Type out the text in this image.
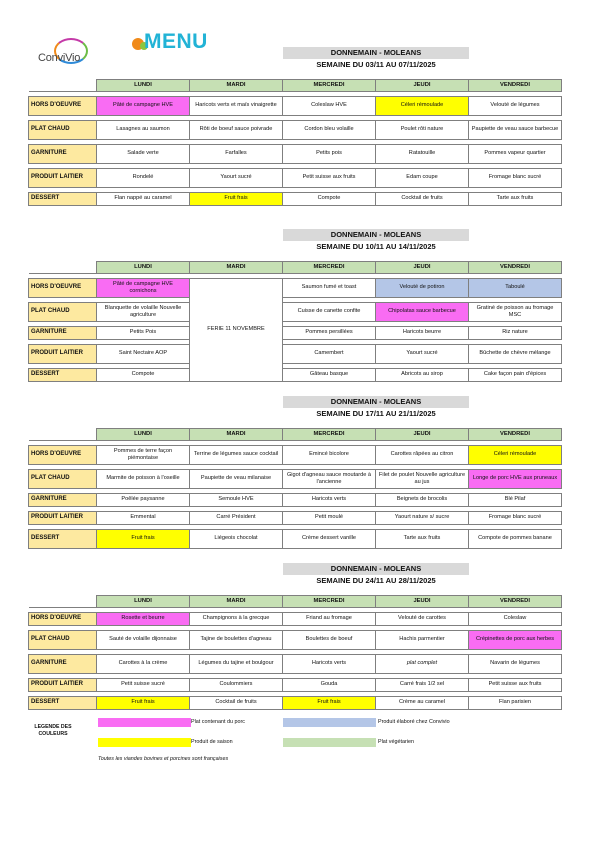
ConviVio
MENU	DONNEMAIN - MOLEANS
SEMAINE DU 03/11 AU 07/11/2025
	LUNDI	MARDI	MERCREDI	JEUDI	VENDREDI

HORS D'OEUVRE	Pâté de campagne HVE	Haricots verts et maïs vinaigrette	Coleslaw HVE	Céleri rémoulade	Velouté de légumes

PLAT CHAUD	Lasagnes au saumon	Rôti de boeuf sauce poivrade	Cordon bleu volaille	Poulet rôti nature	Paupiette de veau sauce barbecue

GARNITURE	Salade verte	Farfalles	Petits pois	Ratatouille	Pommes vapeur quartier

PRODUIT LAITIER	Rondelé	Yaourt sucré	Petit suisse aux fruits	Edam coupe	Fromage blanc sucré

DESSERT	Flan nappé au caramel	Fruit frais	Compote	Cocktail de fruits	Tarte aux fruits
DONNEMAIN - MOLEANS
SEMAINE DU 10/11 AU 14/11/2025
	LUNDI	MARDI	MERCREDI	JEUDI	VENDREDI

HORS D'OEUVRE	Pâté de campagne HVE cornichons	FERIE 11 NOVEMBRE	Saumon fumé et toast	Velouté de potiron	Taboulé

PLAT CHAUD	Blanquette de volaille Nouvelle agriculture		Cuisse de canette confite	Chipolatas sauce barbecue	Gratiné de poisson au fromage MSC

GARNITURE	Petits Pois		Pommes persillées	Haricots beurre	Riz nature

PRODUIT LAITIER	Saint Nectaire AOP		Camembert	Yaourt sucré	Bûchette de chèvre mélange

DESSERT	Compote		Gâteau basque	Abricots au sirop	Cake façon pain d'épices
DONNEMAIN - MOLEANS
SEMAINE DU 17/11 AU 21/11/2025
	LUNDI	MARDI	MERCREDI	JEUDI	VENDREDI

HORS D'OEUVRE	Pommes de terre façon piémontaise	Terrine de légumes sauce cocktail	Emincé bicolore	Carottes râpées au citron	Céleri rémoulade

PLAT CHAUD	Marmite de poisson à l'oseille	Paupiette de veau milanaise	Gigot d'agneau sauce moutarde à l'ancienne	Filet de poulet Nouvelle agriculture au jus	Longe de porc HVE aux pruneaux

GARNITURE	Poêlée paysanne	Semoule HVE	Haricots verts	Beignets de brocolis	Blé Pilaf

PRODUIT LAITIER	Emmental	Carré Président	Petit moulé	Yaourt nature s/ sucre	Fromage blanc sucré

DESSERT	Fruit frais	Liégeois chocolat	Crème dessert vanille	Tarte aux fruits	Compote de pommes banane
DONNEMAIN - MOLEANS
SEMAINE DU 24/11 AU 28/11/2025
	LUNDI	MARDI	MERCREDI	JEUDI	VENDREDI

HORS D'OEUVRE	Rosette et beurre	Champignons à la grecque	Friand au fromage	Velouté de carottes	Coleslaw

PLAT CHAUD	Sauté de volaille dijonnaise	Tajine de boulettes d'agneau	Boulettes de boeuf	Hachis parmentier	Crépinettes de porc aux herbes

GARNITURE	Carottes à la crème	Légumes du tajine et boulgour	Haricots verts	plat complet	Navarin de légumes

PRODUIT LAITIER	Petit suisse sucré	Coulommiers	Gouda	Carré frais 1/2 sel	Petit suisse aux fruits

DESSERT	Fruit frais	Cocktail de fruits	Fruit frais	Crème au caramel	Flan parisien
LEGENDE DES COULEURS
Plat contenant du porc	Produit élaboré chez Convivio
Produit de saison	Plat végétarien
Toutes les viandes bovines et porcines sont françaises
